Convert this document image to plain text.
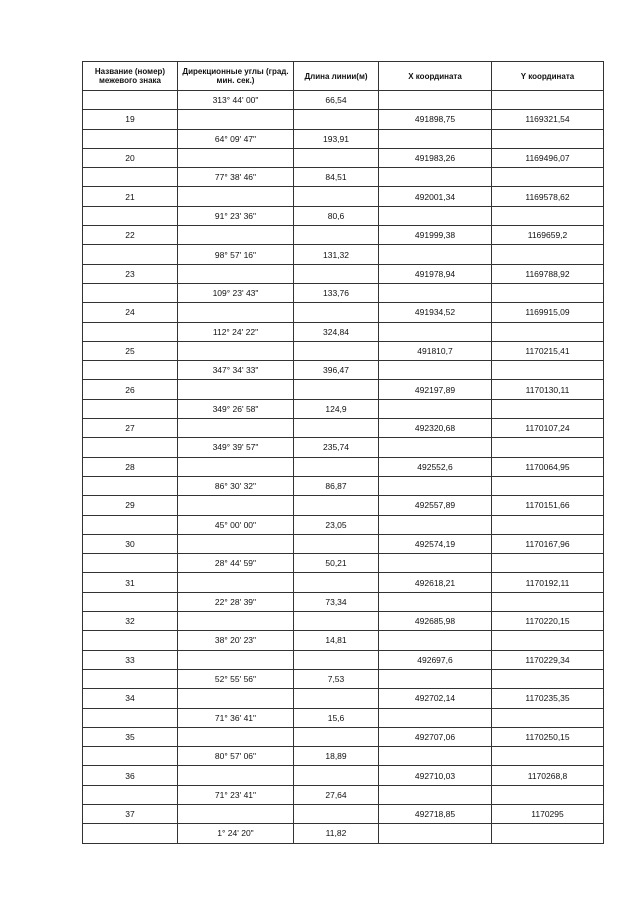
Название (номер) межевого знака	Дирекционные углы (град. мин. сек.)	Длина линии(м)	X координата	Y координата
	313° 44' 00"	66,54		
19			491898,75	1169321,54
	64° 09' 47"	193,91		
20			491983,26	1169496,07
	77° 38' 46"	84,51		
21			492001,34	1169578,62
	91° 23' 36"	80,6		
22			491999,38	1169659,2
	98° 57' 16"	131,32		
23			491978,94	1169788,92
	109° 23' 43"	133,76		
24			491934,52	1169915,09
	112° 24' 22"	324,84		
25			491810,7	1170215,41
	347° 34' 33"	396,47		
26			492197,89	1170130,11
	349° 26' 58"	124,9		
27			492320,68	1170107,24
	349° 39' 57"	235,74		
28			492552,6	1170064,95
	86° 30' 32"	86,87		
29			492557,89	1170151,66
	45° 00' 00"	23,05		
30			492574,19	1170167,96
	28° 44' 59"	50,21		
31			492618,21	1170192,11
	22° 28' 39"	73,34		
32			492685,98	1170220,15
	38° 20' 23"	14,81		
33			492697,6	1170229,34
	52° 55' 56"	7,53		
34			492702,14	1170235,35
	71° 36' 41"	15,6		
35			492707,06	1170250,15
	80° 57' 06"	18,89		
36			492710,03	1170268,8
	71° 23' 41"	27,64		
37			492718,85	1170295
	1° 24' 20"	11,82		
